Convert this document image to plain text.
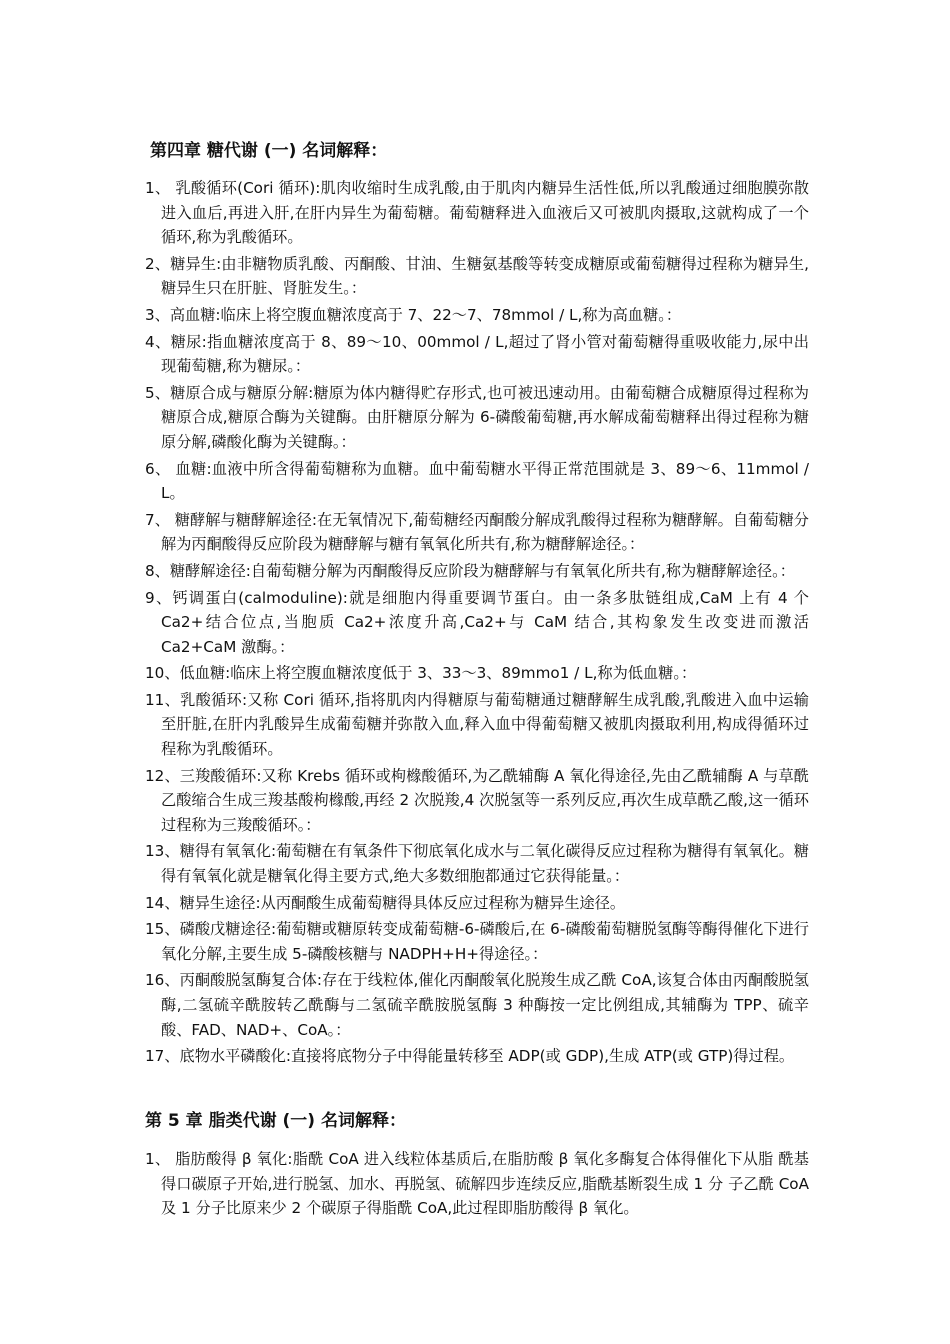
第四章 糖代谢 (一) 名词解释：
1、 乳酸循环(Cori 循环):肌肉收缩时生成乳酸,由于肌肉内糖异生活性低,所以乳酸通过细胞膜弥散进入血后,再进入肝,在肝内异生为葡萄糖。葡萄糖释进入血液后又可被肌肉摄取,这就构成了一个循环,称为乳酸循环。
2、糖异生:由非糖物质乳酸、丙酮酸、甘油、生糖氨基酸等转变成糖原或葡萄糖得过程称为糖异生,糖异生只在肝脏、肾脏发生。：
3、高血糖:临床上将空腹血糖浓度高于 7、22～7、78mmol / L,称为高血糖。：
4、糖尿:指血糖浓度高于 8、89～10、00mmol / L,超过了肾小管对葡萄糖得重吸收能力,尿中出现葡萄糖,称为糖尿。：
5、糖原合成与糖原分解:糖原为体内糖得贮存形式,也可被迅速动用。由葡萄糖合成糖原得过程称为糖原合成,糖原合酶为关键酶。由肝糖原分解为 6-磷酸葡萄糖,再水解成葡萄糖释出得过程称为糖原分解,磷酸化酶为关键酶。：
6、 血糖:血液中所含得葡萄糖称为血糖。血中葡萄糖水平得正常范围就是 3、89～6、11mmol / L。
7、 糖酵解与糖酵解途径:在无氧情况下,葡萄糖经丙酮酸分解成乳酸得过程称为糖酵解。自葡萄糖分解为丙酮酸得反应阶段为糖酵解与糖有氧氧化所共有,称为糖酵解途径。：
8、糖酵解途径:自葡萄糖分解为丙酮酸得反应阶段为糖酵解与有氧氧化所共有,称为糖酵解途径。：
9、钙调蛋白(calmoduline):就是细胞内得重要调节蛋白。由一条多肽链组成,CaM 上有 4 个 Ca2+结合位点,当胞质 Ca2+浓度升高,Ca2+与 CaM 结合,其构象发生改变进而激活 Ca2+CaM 激酶。：
10、低血糖:临床上将空腹血糖浓度低于 3、33～3、89mmo1 / L,称为低血糖。：
11、乳酸循环:又称 Cori 循环,指将肌肉内得糖原与葡萄糖通过糖酵解生成乳酸,乳酸进入血中运输至肝脏,在肝内乳酸异生成葡萄糖并弥散入血,释入血中得葡萄糖又被肌肉摄取利用,构成得循环过程称为乳酸循环。
12、三羧酸循环:又称 Krebs 循环或枸橼酸循环,为乙酰辅酶 A 氧化得途径,先由乙酰辅酶 A 与草酰乙酸缩合生成三羧基酸枸橼酸,再经 2 次脱羧,4 次脱氢等一系列反应,再次生成草酰乙酸,这一循环过程称为三羧酸循环。：
13、糖得有氧氧化:葡萄糖在有氧条件下彻底氧化成水与二氧化碳得反应过程称为糖得有氧氧化。糖得有氧氧化就是糖氧化得主要方式,绝大多数细胞都通过它获得能量。：
14、糖异生途径:从丙酮酸生成葡萄糖得具体反应过程称为糖异生途径。
15、磷酸戊糖途径:葡萄糖或糖原转变成葡萄糖-6-磷酸后,在 6-磷酸葡萄糖脱氢酶等酶得催化下进行氧化分解,主要生成 5-磷酸核糖与 NADPH+H+得途径。：
16、丙酮酸脱氢酶复合体:存在于线粒体,催化丙酮酸氧化脱羧生成乙酰 CoA,该复合体由丙酮酸脱氢酶,二氢硫辛酰胺转乙酰酶与二氢硫辛酰胺脱氢酶 3 种酶按一定比例组成,其辅酶为 TPP、硫辛酸、FAD、NAD+、CoA。：
17、底物水平磷酸化:直接将底物分子中得能量转移至 ADP(或 GDP),生成 ATP(或 GTP)得过程。
第 5 章 脂类代谢 (一) 名词解释：
1、 脂肪酸得 β 氧化:脂酰 CoA 进入线粒体基质后,在脂肪酸 β 氧化多酶复合体得催化下从脂 酰基得口碳原子开始,进行脱氢、加水、再脱氢、硫解四步连续反应,脂酰基断裂生成 1 分 子乙酰 CoA 及 1 分子比原来少 2 个碳原子得脂酰 CoA,此过程即脂肪酸得 β 氧化。
